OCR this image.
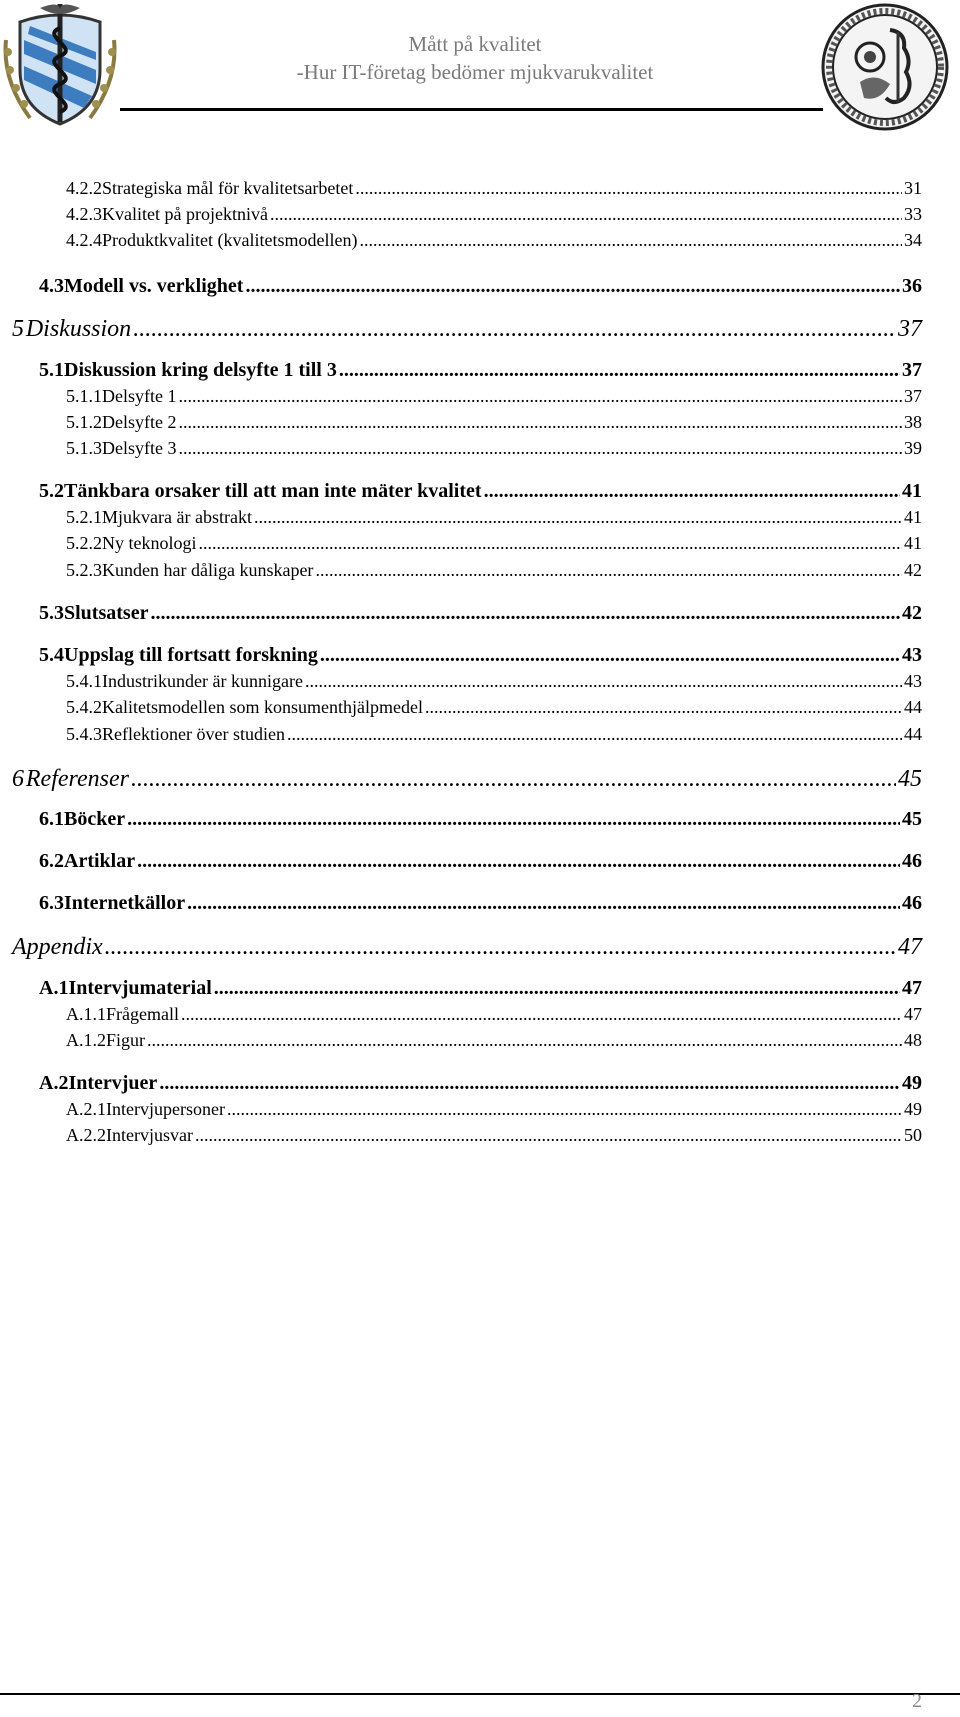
Mått på kvalitet
-Hur IT-företag bedömer mjukvarukvalitet
4.2.2 Strategiska mål för kvalitetsarbetet .....	31
4.2.3 Kvalitet på projektnivå .....	33
4.2.4 Produktkvalitet (kvalitetsmodellen) .....	34
4.3 Modell vs. verklighet .....	36
5 Diskussion .....	37
5.1 Diskussion kring delsyfte 1 till 3 .....	37
5.1.1 Delsyfte 1 .....	37
5.1.2 Delsyfte 2 .....	38
5.1.3 Delsyfte 3 .....	39
5.2 Tänkbara orsaker till att man inte mäter kvalitet .....	41
5.2.1 Mjukvara är abstrakt .....	41
5.2.2 Ny teknologi .....	41
5.2.3 Kunden har dåliga kunskaper .....	42
5.3 Slutsatser .....	42
5.4 Uppslag till fortsatt forskning .....	43
5.4.1 Industrikunder är kunnigare .....	43
5.4.2 Kalitetsmodellen som konsumenthjälpmedel .....	44
5.4.3 Reflektioner över studien .....	44
6 Referenser .....	45
6.1 Böcker .....	45
6.2 Artiklar .....	46
6.3 Internetkällor .....	46
Appendix .....	47
A.1 Intervjumaterial .....	47
A.1.1 Frågemall .....	47
A.1.2 Figur .....	48
A.2 Intervjuer .....	49
A.2.1 Intervjupersoner .....	49
A.2.2 Intervjusvar .....	50
2
